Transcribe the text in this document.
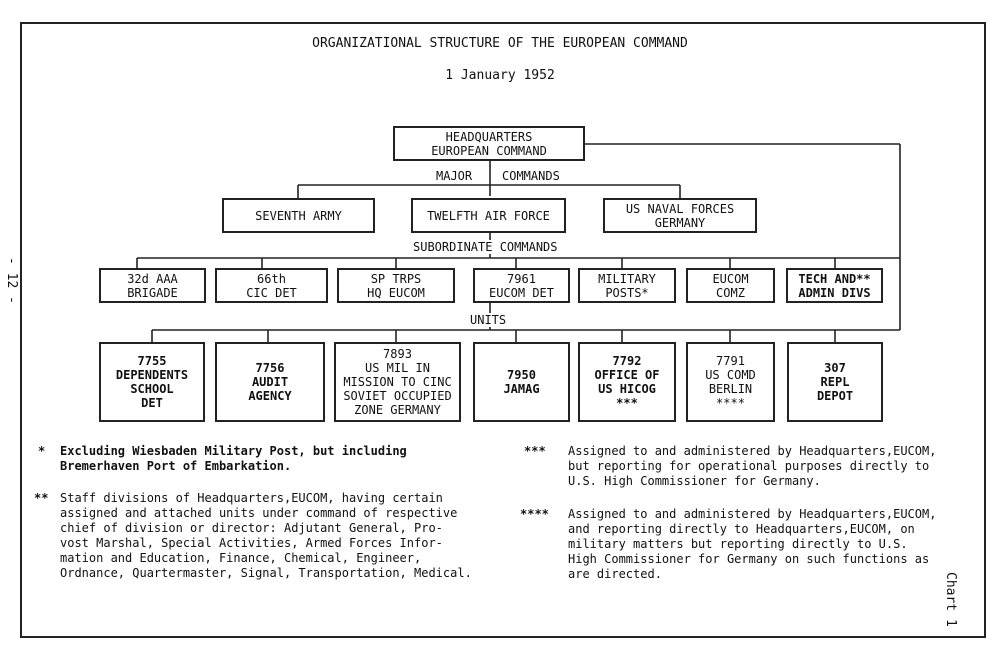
- 12 -
Chart 1
ORGANIZATIONAL STRUCTURE OF THE EUROPEAN COMMAND
1 January 1952
HEADQUARTERS
EUROPEAN COMMAND
MAJOR COMMANDS
SUBORDINATE COMMANDS
UNITS
SEVENTH ARMY	TWELFTH AIR FORCE	US NAVAL FORCES
GERMANY
32d AAA
BRIGADE
66th
CIC DET
SP TRPS
HQ EUCOM
7961
EUCOM DET
MILITARY
POSTS*
EUCOM
COMZ
TECH AND**
ADMIN DIVS
7755
DEPENDENTS
SCHOOL
DET
7756
AUDIT
AGENCY
7893
US MIL IN
MISSION TO CINC
SOVIET OCCUPIED
ZONE GERMANY
7950
JAMAG
7792
OFFICE OF
US HICOG
***
7791
US COMD
BERLIN
****
307
REPL
DEPOT
* Excluding Wiesbaden Military Post, but including
Bremerhaven Port of Embarkation.
** Staff divisions of Headquarters,EUCOM, having certain
assigned and attached units under command of respective
chief of division or director: Adjutant General, Pro-
vost Marshal, Special Activities, Armed Forces Infor-
mation and Education, Finance, Chemical, Engineer,
Ordnance, Quartermaster, Signal, Transportation, Medical.
*** Assigned to and administered by Headquarters,EUCOM,
but reporting for operational purposes directly to
U.S. High Commissioner for Germany.
**** Assigned to and administered by Headquarters,EUCOM,
and reporting directly to Headquarters,EUCOM, on
military matters but reporting directly to U.S.
High Commissioner for Germany on such functions as
are directed.
